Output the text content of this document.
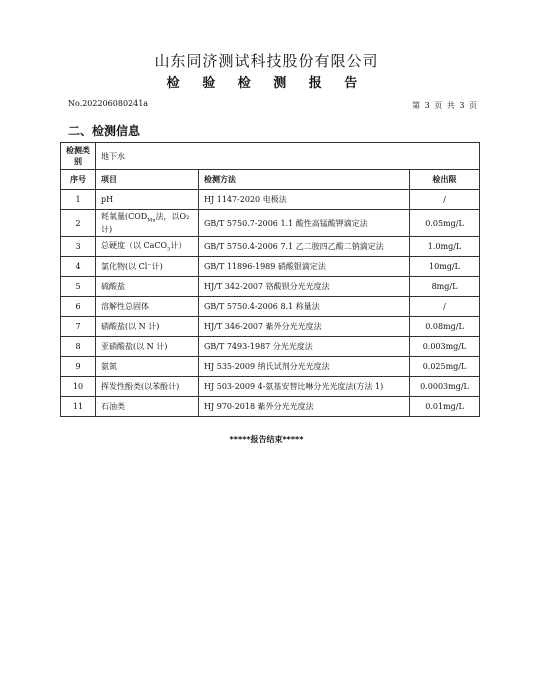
山东同济测试科技股份有限公司
检 验 检 测 报 告
No.202206080241a	第 3 页 共 3 页
二、检测信息
检测类别	地下水		
序号	项目	检测方法	检出限
1	pH	HJ 1147-2020 电极法	/
2	耗氧量($COD_{Mn}$法，以O₂计)	GB/T 5750.7-2006 1.1 酸性高锰酸钾滴定法	0.05mg/L
3	总硬度（以 CaCO$_3$计）	GB/T 5750.4-2006 7.1 乙二胺四乙酸二钠滴定法	1.0mg/L
4	氯化物(以 Cl⁻计)	GB/T 11896-1989 硝酸银滴定法	10mg/L
5	硫酸盐	HJ/T 342-2007 铬酸钡分光光度法	8mg/L
6	溶解性总固体	GB/T 5750.4-2006 8.1 称量法	/
7	硝酸盐(以 N 计)	HJ/T 346-2007 紫外分光光度法	0.08mg/L
8	亚硝酸盐(以 N 计)	GB/T 7493-1987 分光光度法	0.003mg/L
9	氨氮	HJ 535-2009 纳氏试剂分光光度法	0.025mg/L
10	挥发性酚类(以苯酚计)	HJ 503-2009 4-氨基安替比啉分光光度法(方法 1)	0.0003mg/L
11	石油类	HJ 970-2018 紫外分光光度法	0.01mg/L
*****报告结束*****
